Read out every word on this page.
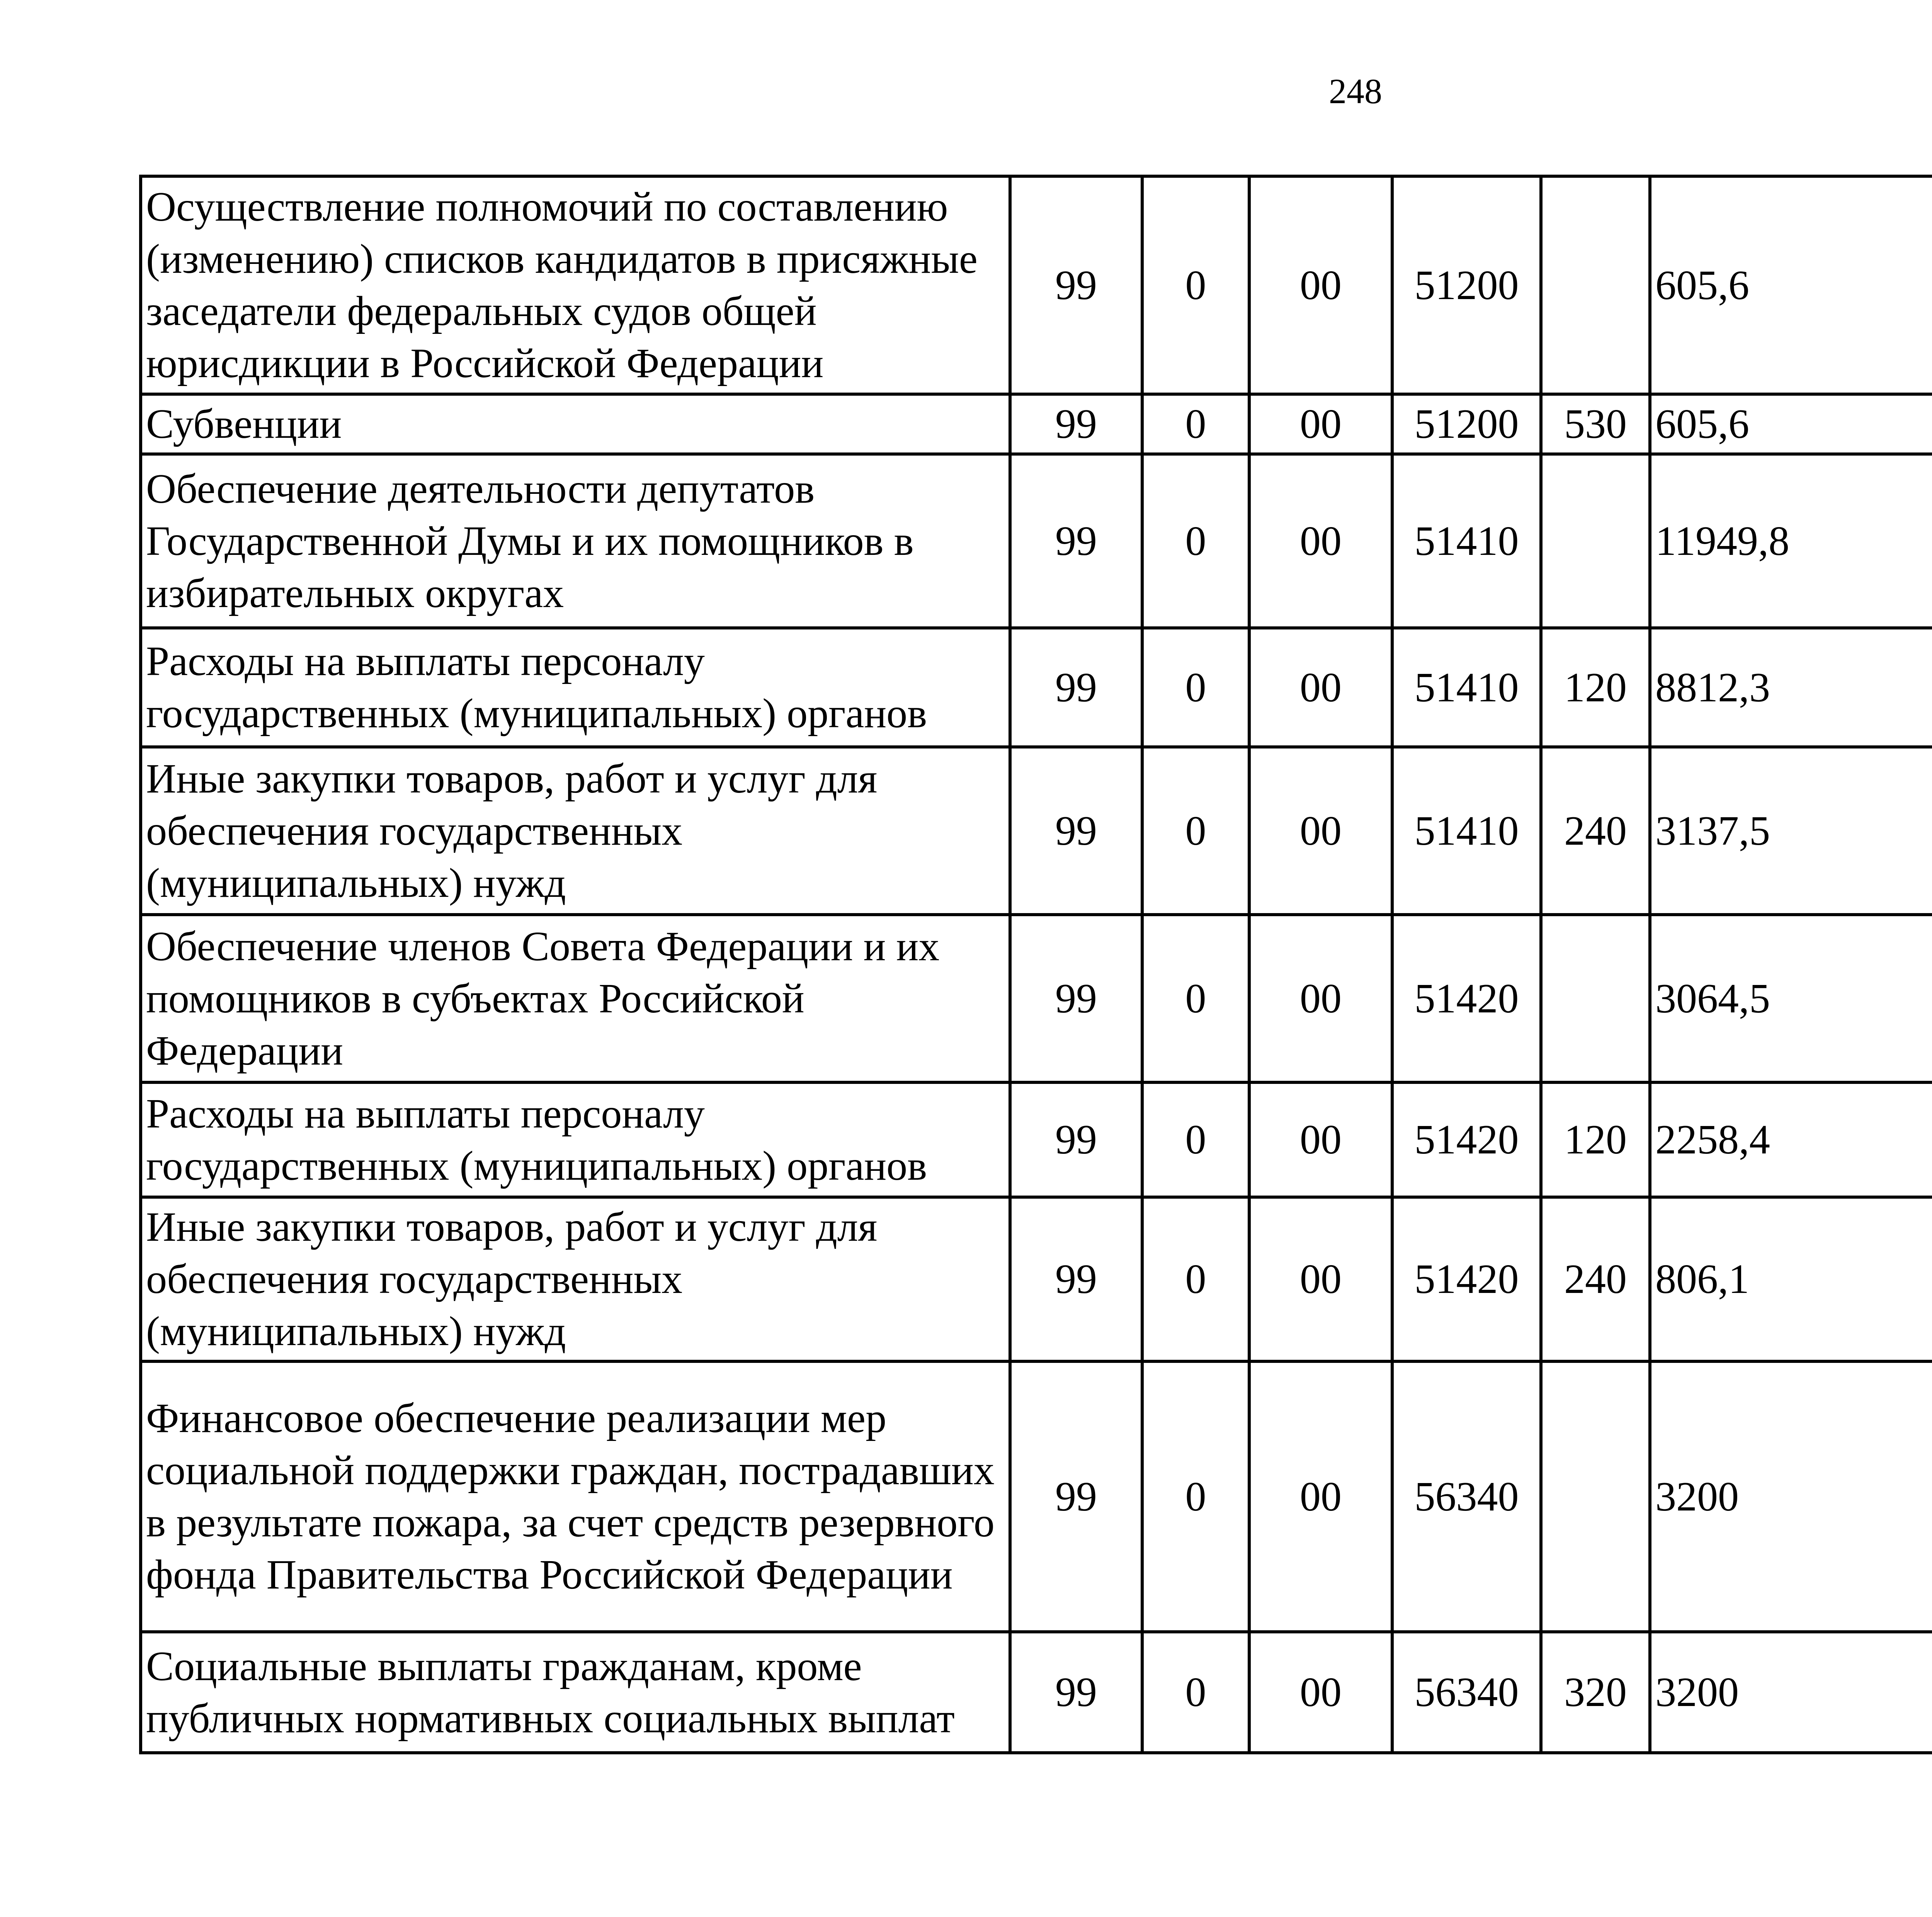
248
Осуществление полномочий по составлению (изменению) списков кандидатов в присяжные заседатели федеральных судов общей юрисдикции в Российской Федерации	99	0	00	51200		605,6		
Субвенции	99	0	00	51200	530	605,6		
Обеспечение деятельности депутатов Государственной Думы и их помощников в избирательных округах	99	0	00	51410		11949,8		
Расходы на выплаты персоналу государственных (муниципальных) органов	99	0	00	51410	120	8812,3		
Иные закупки товаров, работ и услуг для обеспечения государственных (муниципальных) нужд	99	0	00	51410	240	3137,5		
Обеспечение членов Совета Федерации и их помощников в субъектах Российской Федерации	99	0	00	51420		3064,5		
Расходы на выплаты персоналу государственных (муниципальных) органов	99	0	00	51420	120	2258,4		
Иные закупки товаров, работ и услуг для обеспечения государственных (муниципальных) нужд	99	0	00	51420	240	806,1		
Финансовое обеспечение реализации мер социальной поддержки граждан, пострадавших в результате пожара, за счет средств резервного фонда Правительства Российской Федерации	99	0	00	56340		3200		
Социальные выплаты гражданам, кроме публичных нормативных социальных выплат	99	0	00	56340	320	3200		
